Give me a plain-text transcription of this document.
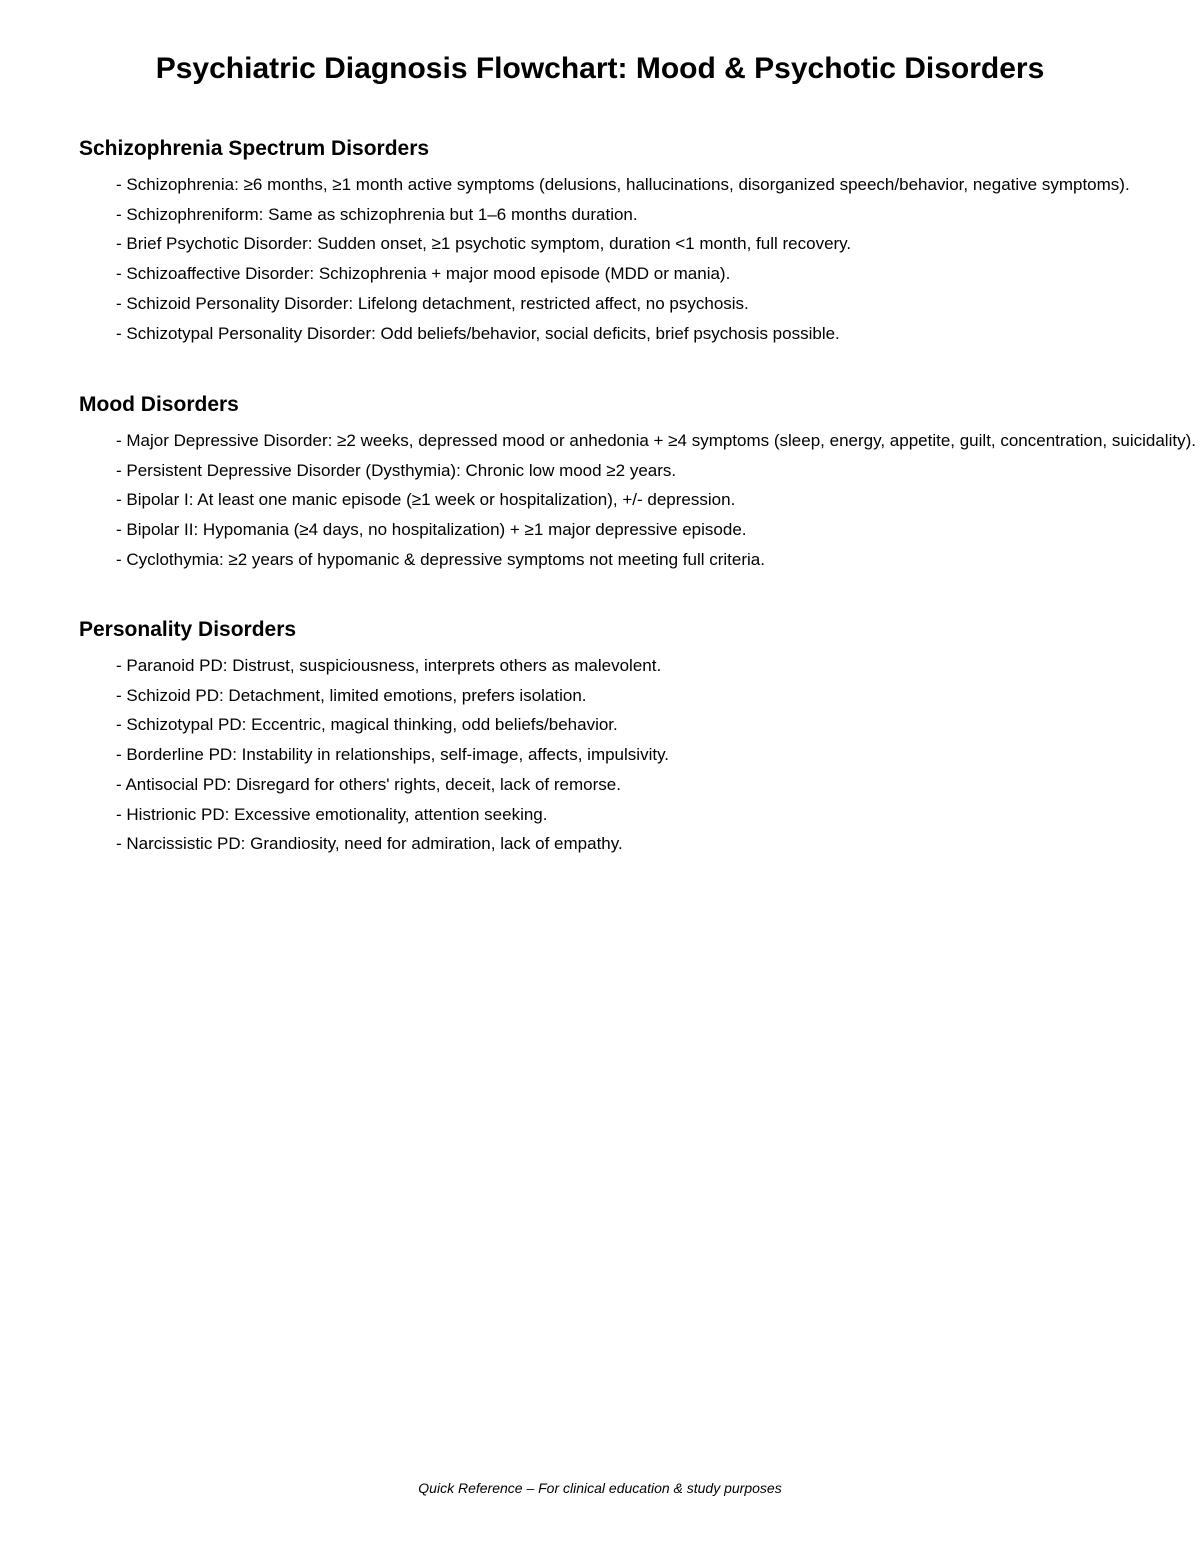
Psychiatric Diagnosis Flowchart: Mood & Psychotic Disorders
Schizophrenia Spectrum Disorders
- Schizophrenia: ≥6 months, ≥1 month active symptoms (delusions, hallucinations, disorganized speech/behavior, negative symptoms).
- Schizophreniform: Same as schizophrenia but 1–6 months duration.
- Brief Psychotic Disorder: Sudden onset, ≥1 psychotic symptom, duration <1 month, full recovery.
- Schizoaffective Disorder: Schizophrenia + major mood episode (MDD or mania).
- Schizoid Personality Disorder: Lifelong detachment, restricted affect, no psychosis.
- Schizotypal Personality Disorder: Odd beliefs/behavior, social deficits, brief psychosis possible.
Mood Disorders
- Major Depressive Disorder: ≥2 weeks, depressed mood or anhedonia + ≥4 symptoms (sleep, energy, appetite, guilt, concentration, suicidality).
- Persistent Depressive Disorder (Dysthymia): Chronic low mood ≥2 years.
- Bipolar I: At least one manic episode (≥1 week or hospitalization), +/- depression.
- Bipolar II: Hypomania (≥4 days, no hospitalization) + ≥1 major depressive episode.
- Cyclothymia: ≥2 years of hypomanic & depressive symptoms not meeting full criteria.
Personality Disorders
- Paranoid PD: Distrust, suspiciousness, interprets others as malevolent.
- Schizoid PD: Detachment, limited emotions, prefers isolation.
- Schizotypal PD: Eccentric, magical thinking, odd beliefs/behavior.
- Borderline PD: Instability in relationships, self-image, affects, impulsivity.
- Antisocial PD: Disregard for others' rights, deceit, lack of remorse.
- Histrionic PD: Excessive emotionality, attention seeking.
- Narcissistic PD: Grandiosity, need for admiration, lack of empathy.
Quick Reference – For clinical education & study purposes
